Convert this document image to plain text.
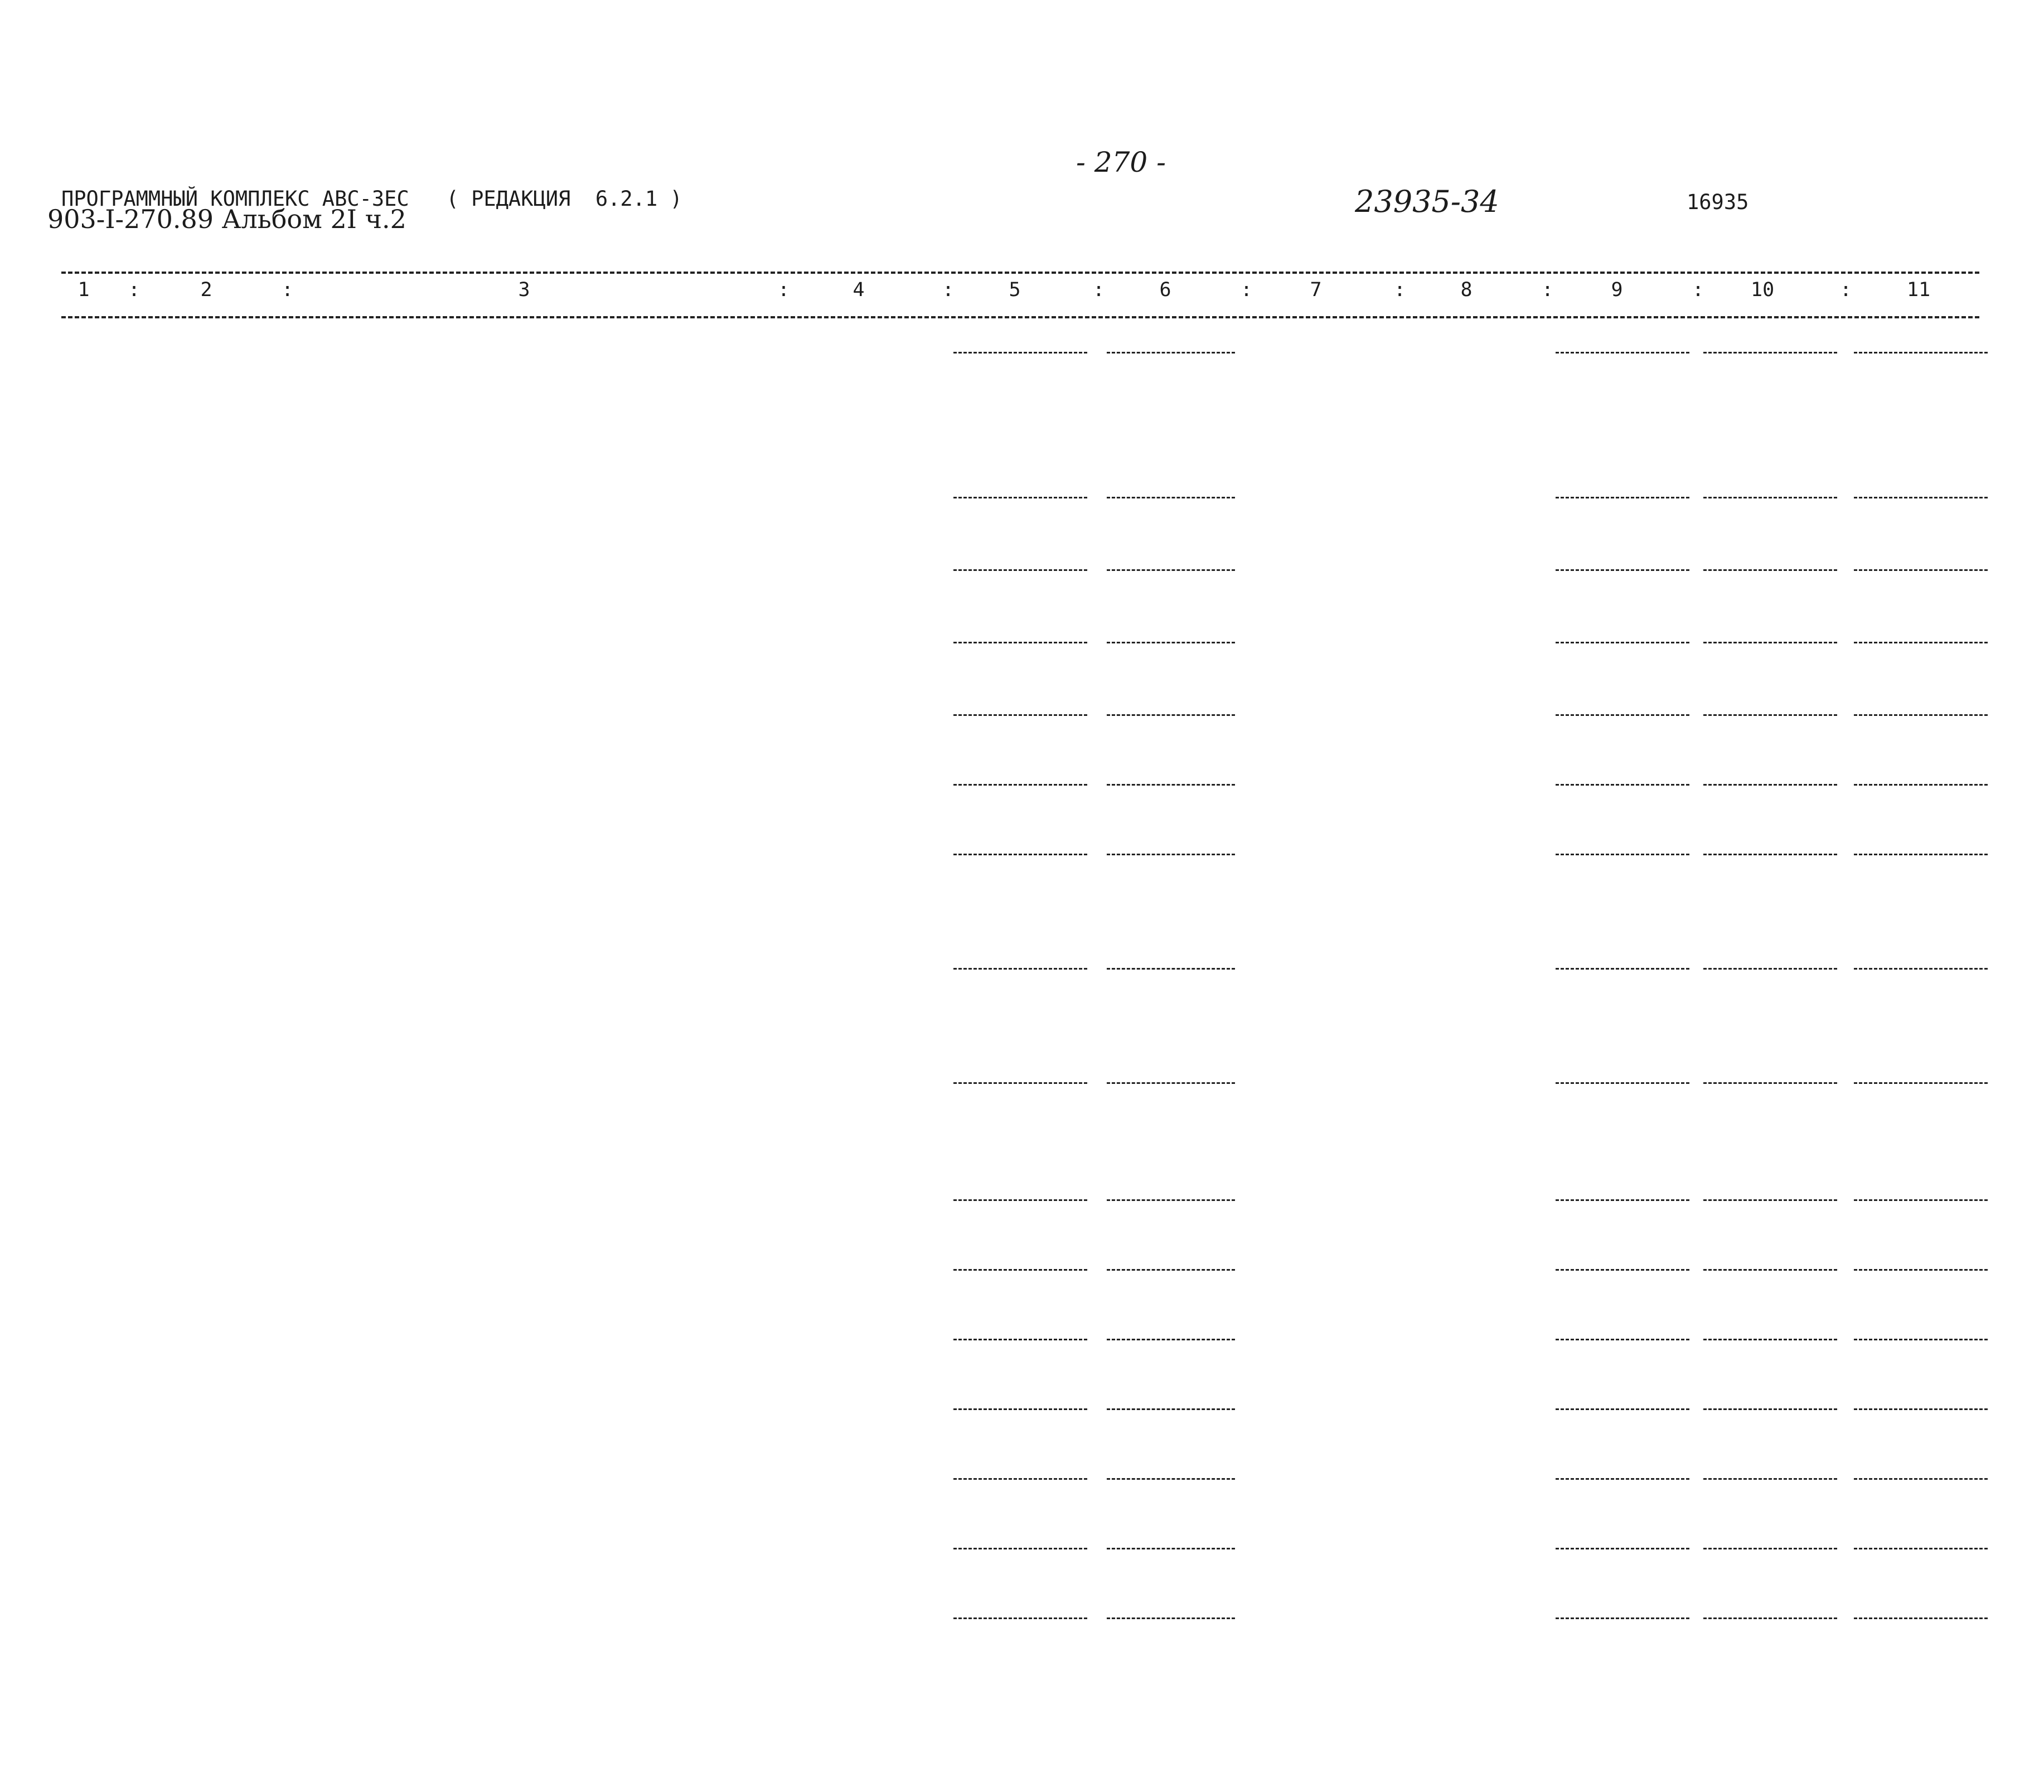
- 270 -
ПРОГРАММНЫЙ КОМПЛЕКС АВС-3ЕС   ( РЕДАКЦИЯ  6.2.1 )
903-I-270.89 Альбом 2I ч.2	23935-34	16935
1	2	3	4	5	6	7	8	9	10	11
:	:	:	:	:	:	:	:	:	:
